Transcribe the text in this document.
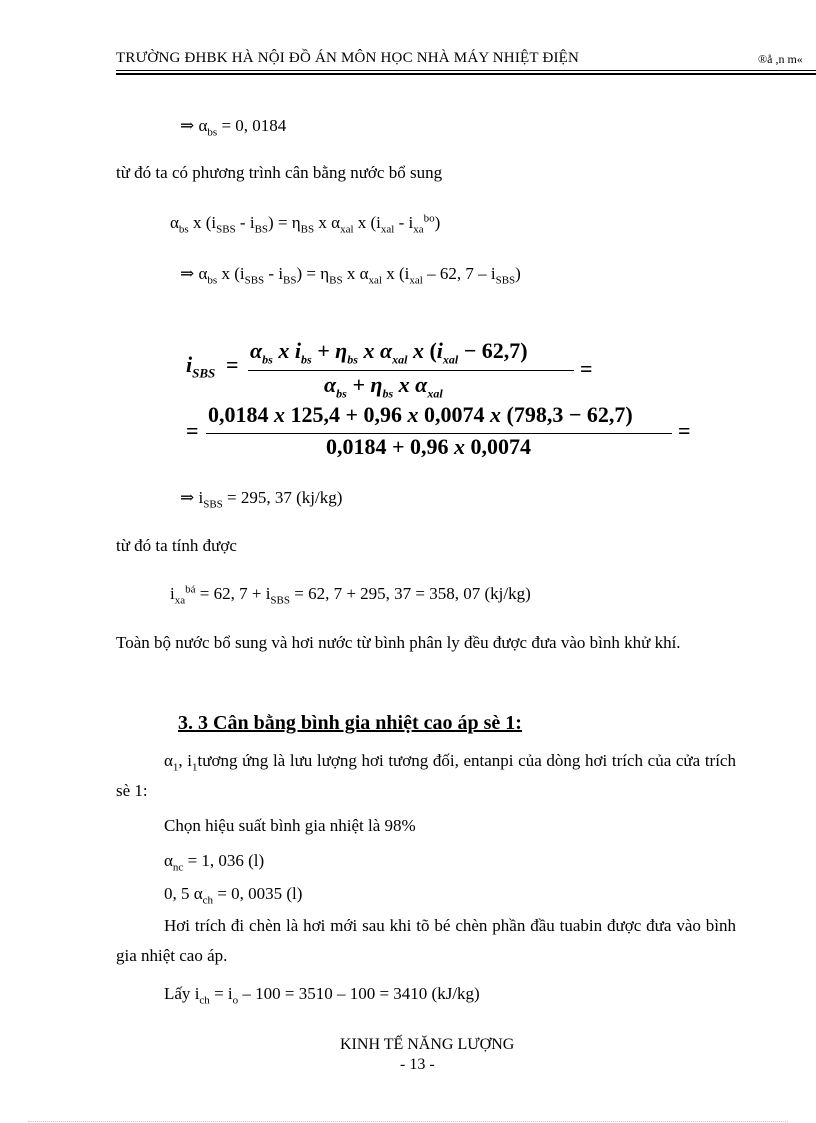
TRƯỜNG ĐHBK HÀ NỘI ĐỒ ÁN MÔN HỌC NHÀ MÁY NHIỆT ĐIỆN	®å ,n m«
⇒ $\alpha_{bs} = 0$, 0184
từ đó ta có phương trình cân bằng nước bổ sung
$\alpha_{bs}$ x $(i_{SBS} - i_{BS}) = \eta_{BS}$ x $\alpha_{xal}$ x $(i_{xal} - i_{xa}^{bo})$
⇒ $\alpha_{bs}$ x $(i_{SBS} - i_{BS}) = \eta_{BS}$ x $\alpha_{xal}$ x ($i_{xal} - 62$, $7 - i_{SBS}$)
$i_{SBS}$ =
$\alpha_{bs}$ x $i_{bs} + \eta_{bs}$ x $\alpha_{xal}$ x $(i_{xal} - 62,7)$
$\alpha_{bs} + \eta_{bs}$ x $\alpha_{xal}$
=
=
0,0184 x 125,4 + 0,96 x 0,0074 x (798,3 − 62,7)
0,0184 + 0,96 x 0,0074
=
⇒ $i_{SBS} = 295$, 37 (kj/kg)
từ đó ta tính được
$i_{xa}^{bá} = 62$, $7 + i_{SBS} = 62$, 7 + 295, 37 = 358, 07 (kj/kg)
Toàn bộ nước bổ sung và hơi nước từ bình phân ly đều được đưa vào bình khử khí.
3. 3 Cân bằng bình gia nhiệt cao áp sè 1:
$\alpha_1$, $i_1tương$ ứng là lưu lượng hơi tương đối, entanpi của dòng hơi trích của cửa trích sè 1:
Chọn hiệu suất bình gia nhiệt là 98%
$\alpha_{nc} = 1$, 036 (l)
0, 5 $\alpha_{ch} = 0$, 0035 (l)
Hơi trích đi chèn là hơi mới sau khi tõ bé chèn phần đầu tuabin được đưa vào bình gia nhiệt cao áp.
Lấy $i_{ch} = i_o - 100 = 3510 - 100 = 3410$ (kJ/kg)
KINH TẾ NĂNG LƯỢNG
- 13 -
